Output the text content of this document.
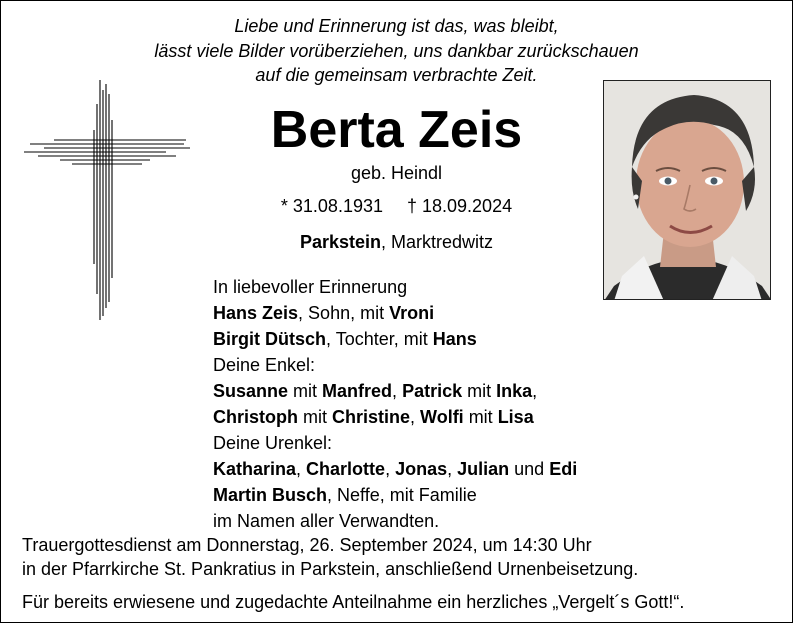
Liebe und Erinnerung ist das, was bleibt,
lässt viele Bilder vorüberziehen, uns dankbar zurückschauen
auf die gemeinsam verbrachte Zeit.
Berta Zeis
geb. Heindl
* 31.08.1931 † 18.09.2024
Parkstein, Marktredwitz
In liebevoller Erinnerung
Hans Zeis, Sohn, mit Vroni
Birgit Dütsch, Tochter, mit Hans
Deine Enkel:
Susanne mit Manfred, Patrick mit Inka,
Christoph mit Christine, Wolfi mit Lisa
Deine Urenkel:
Katharina, Charlotte, Jonas, Julian und Edi
Martin Busch, Neffe, mit Familie
im Namen aller Verwandten.
Trauergottesdienst am Donnerstag, 26. September 2024, um 14:30 Uhr
in der Pfarrkirche St. Pankratius in Parkstein, anschließend Urnenbeisetzung.
Für bereits erwiesene und zugedachte Anteilnahme ein herzliches „Vergelt´s Gott!“.
